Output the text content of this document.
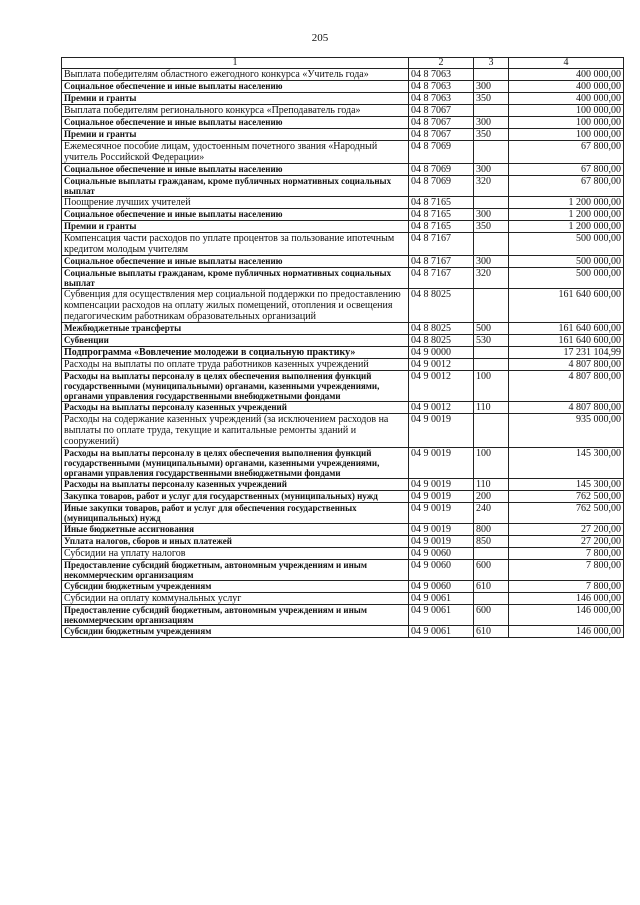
205
1	2	3	4
Выплата победителям областного ежегодного конкурса «Учитель года»	04 8 7063		400 000,00
Социальное обеспечение и иные выплаты населению	04 8 7063	300	400 000,00
Премии и гранты	04 8 7063	350	400 000,00
Выплата победителям регионального конкурса «Преподаватель года»	04 8 7067		100 000,00
Социальное обеспечение и иные выплаты населению	04 8 7067	300	100 000,00
Премии и гранты	04 8 7067	350	100 000,00
Ежемесячное пособие лицам, удостоенным почетного звания «Народный учитель Российской Федерации»	04 8 7069		67 800,00
Социальное обеспечение и иные выплаты населению	04 8 7069	300	67 800,00
Социальные выплаты гражданам, кроме публичных нормативных социальных выплат	04 8 7069	320	67 800,00
Поощрение лучших учителей	04 8 7165		1 200 000,00
Социальное обеспечение и иные выплаты населению	04 8 7165	300	1 200 000,00
Премии и гранты	04 8 7165	350	1 200 000,00
Компенсация части расходов по уплате процентов за пользование ипотечным кредитом молодым учителям	04 8 7167		500 000,00
Социальное обеспечение и иные выплаты населению	04 8 7167	300	500 000,00
Социальные выплаты гражданам, кроме публичных нормативных социальных выплат	04 8 7167	320	500 000,00
Субвенция для осуществления мер социальной поддержки по предоставлению компенсации расходов на оплату жилых помещений, отопления и освещения педагогическим работникам образовательных организаций	04 8 8025		161 640 600,00
Межбюджетные трансферты	04 8 8025	500	161 640 600,00
Субвенции	04 8 8025	530	161 640 600,00
Подпрограмма «Вовлечение молодежи в социальную практику»	04 9 0000		17 231 104,99
Расходы на выплаты по оплате труда работников казенных учреждений	04 9 0012		4 807 800,00
Расходы на выплаты персоналу в целях обеспечения выполнения функций государственными (муниципальными) органами, казенными учреждениями, органами управления государственными внебюджетными фондами	04 9 0012	100	4 807 800,00
Расходы на выплаты персоналу казенных учреждений	04 9 0012	110	4 807 800,00
Расходы на содержание казенных учреждений (за исключением расходов на выплаты по оплате труда, текущие и капитальные ремонты зданий и сооружений)	04 9 0019		935 000,00
Расходы на выплаты персоналу в целях обеспечения выполнения функций государственными (муниципальными) органами, казенными учреждениями, органами управления государственными внебюджетными фондами	04 9 0019	100	145 300,00
Расходы на выплаты персоналу казенных учреждений	04 9 0019	110	145 300,00
Закупка товаров, работ и услуг для государственных (муниципальных) нужд	04 9 0019	200	762 500,00
Иные закупки товаров, работ и услуг для обеспечения государственных (муниципальных) нужд	04 9 0019	240	762 500,00
Иные бюджетные ассигнования	04 9 0019	800	27 200,00
Уплата налогов, сборов и иных платежей	04 9 0019	850	27 200,00
Субсидии на уплату налогов	04 9 0060		7 800,00
Предоставление субсидий бюджетным, автономным учреждениям и иным некоммерческим организациям	04 9 0060	600	7 800,00
Субсидии бюджетным учреждениям	04 9 0060	610	7 800,00
Субсидии на оплату коммунальных услуг	04 9 0061		146 000,00
Предоставление субсидий бюджетным, автономным учреждениям и иным некоммерческим организациям	04 9 0061	600	146 000,00
Субсидии бюджетным учреждениям	04 9 0061	610	146 000,00
